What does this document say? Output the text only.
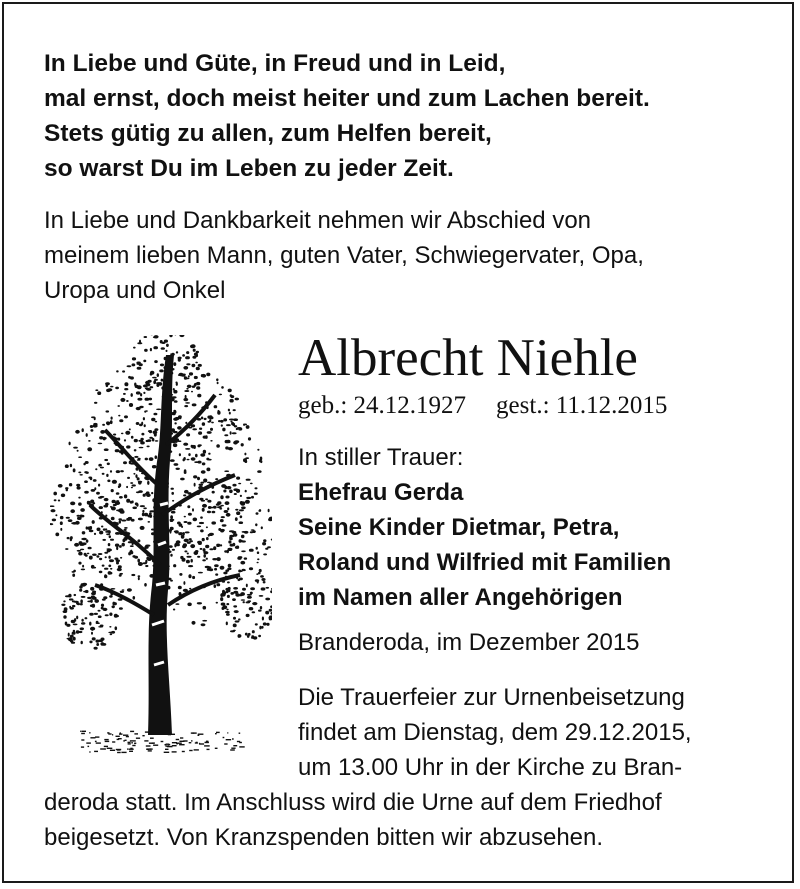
In Liebe und Güte, in Freud und in Leid,
mal ernst, doch meist heiter und zum Lachen bereit.
Stets gütig zu allen, zum Helfen bereit,
so warst Du im Leben zu jeder Zeit.
In Liebe und Dankbarkeit nehmen wir Abschied von
meinem lieben Mann, guten Vater, Schwiegervater, Opa,
Uropa und Onkel
Albrecht Niehle
geb.: 24.12.1927 gest.: 11.12.2015
In stiller Trauer:
Ehefrau Gerda
Seine Kinder Dietmar, Petra,
Roland und Wilfried mit Familien
im Namen aller Angehörigen
Branderoda, im Dezember 2015
Die Trauerfeier zur Urnenbeisetzung
findet am Dienstag, dem 29.12.2015,
um 13.00 Uhr in der Kirche zu Bran-
deroda statt. Im Anschluss wird die Urne auf dem Friedhof
beigesetzt. Von Kranzspenden bitten wir abzusehen.
